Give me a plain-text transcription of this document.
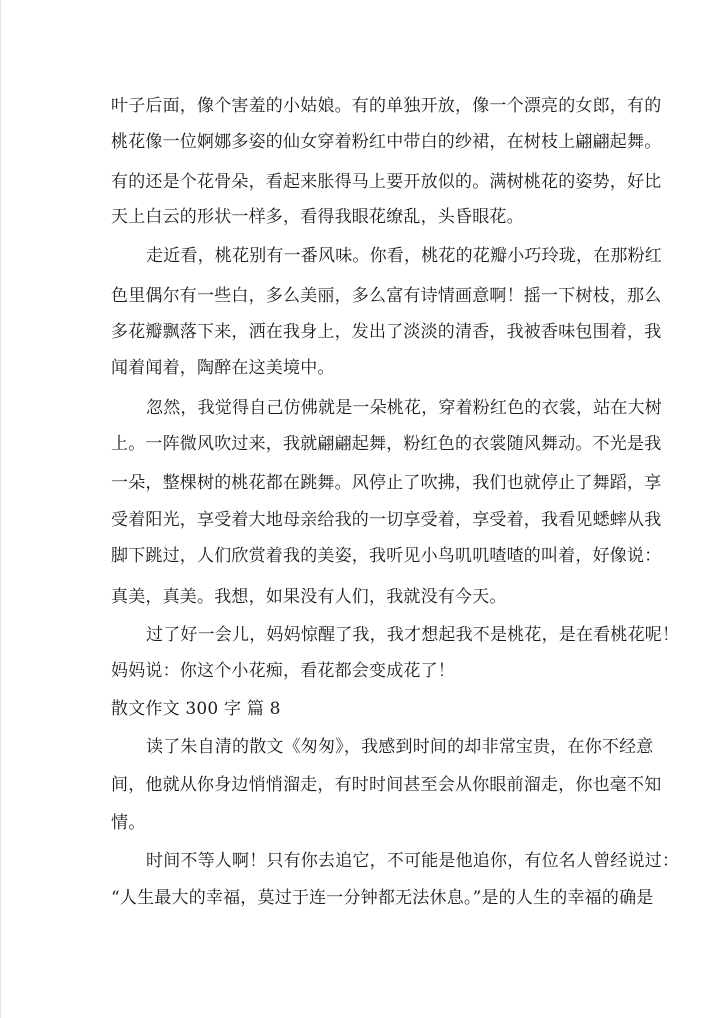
叶子后面，像个害羞的小姑娘。有的单独开放，像一个漂亮的女郎，有的
桃花像一位婀娜多姿的仙女穿着粉红中带白的纱裙，在树枝上翩翩起舞。
有的还是个花骨朵，看起来胀得马上要开放似的。满树桃花的姿势，好比
天上白云的形状一样多，看得我眼花缭乱，头昏眼花。
走近看，桃花别有一番风味。你看，桃花的花瓣小巧玲珑，在那粉红
色里偶尔有一些白，多么美丽，多么富有诗情画意啊！摇一下树枝，那么
多花瓣飘落下来，洒在我身上，发出了淡淡的清香，我被香味包围着，我
闻着闻着，陶醉在这美境中。
忽然，我觉得自己仿佛就是一朵桃花，穿着粉红色的衣裳，站在大树
上。一阵微风吹过来，我就翩翩起舞，粉红色的衣裳随风舞动。不光是我
一朵，整棵树的桃花都在跳舞。风停止了吹拂，我们也就停止了舞蹈，享
受着阳光，享受着大地母亲给我的一切享受着，享受着，我看见蟋蟀从我
脚下跳过，人们欣赏着我的美姿，我听见小鸟叽叽喳喳的叫着，好像说：
真美，真美。我想，如果没有人们，我就没有今天。
过了好一会儿，妈妈惊醒了我，我才想起我不是桃花，是在看桃花呢！
妈妈说：你这个小花痴，看花都会变成花了！
散文作文 300 字 篇 8
读了朱自清的散文《匆匆》，我感到时间的却非常宝贵，在你不经意
间，他就从你身边悄悄溜走，有时时间甚至会从你眼前溜走，你也毫不知
情。
时间不等人啊！只有你去追它，不可能是他追你，有位名人曾经说过：
“人生最大的幸福，莫过于连一分钟都无法休息。”是的人生的幸福的确是
